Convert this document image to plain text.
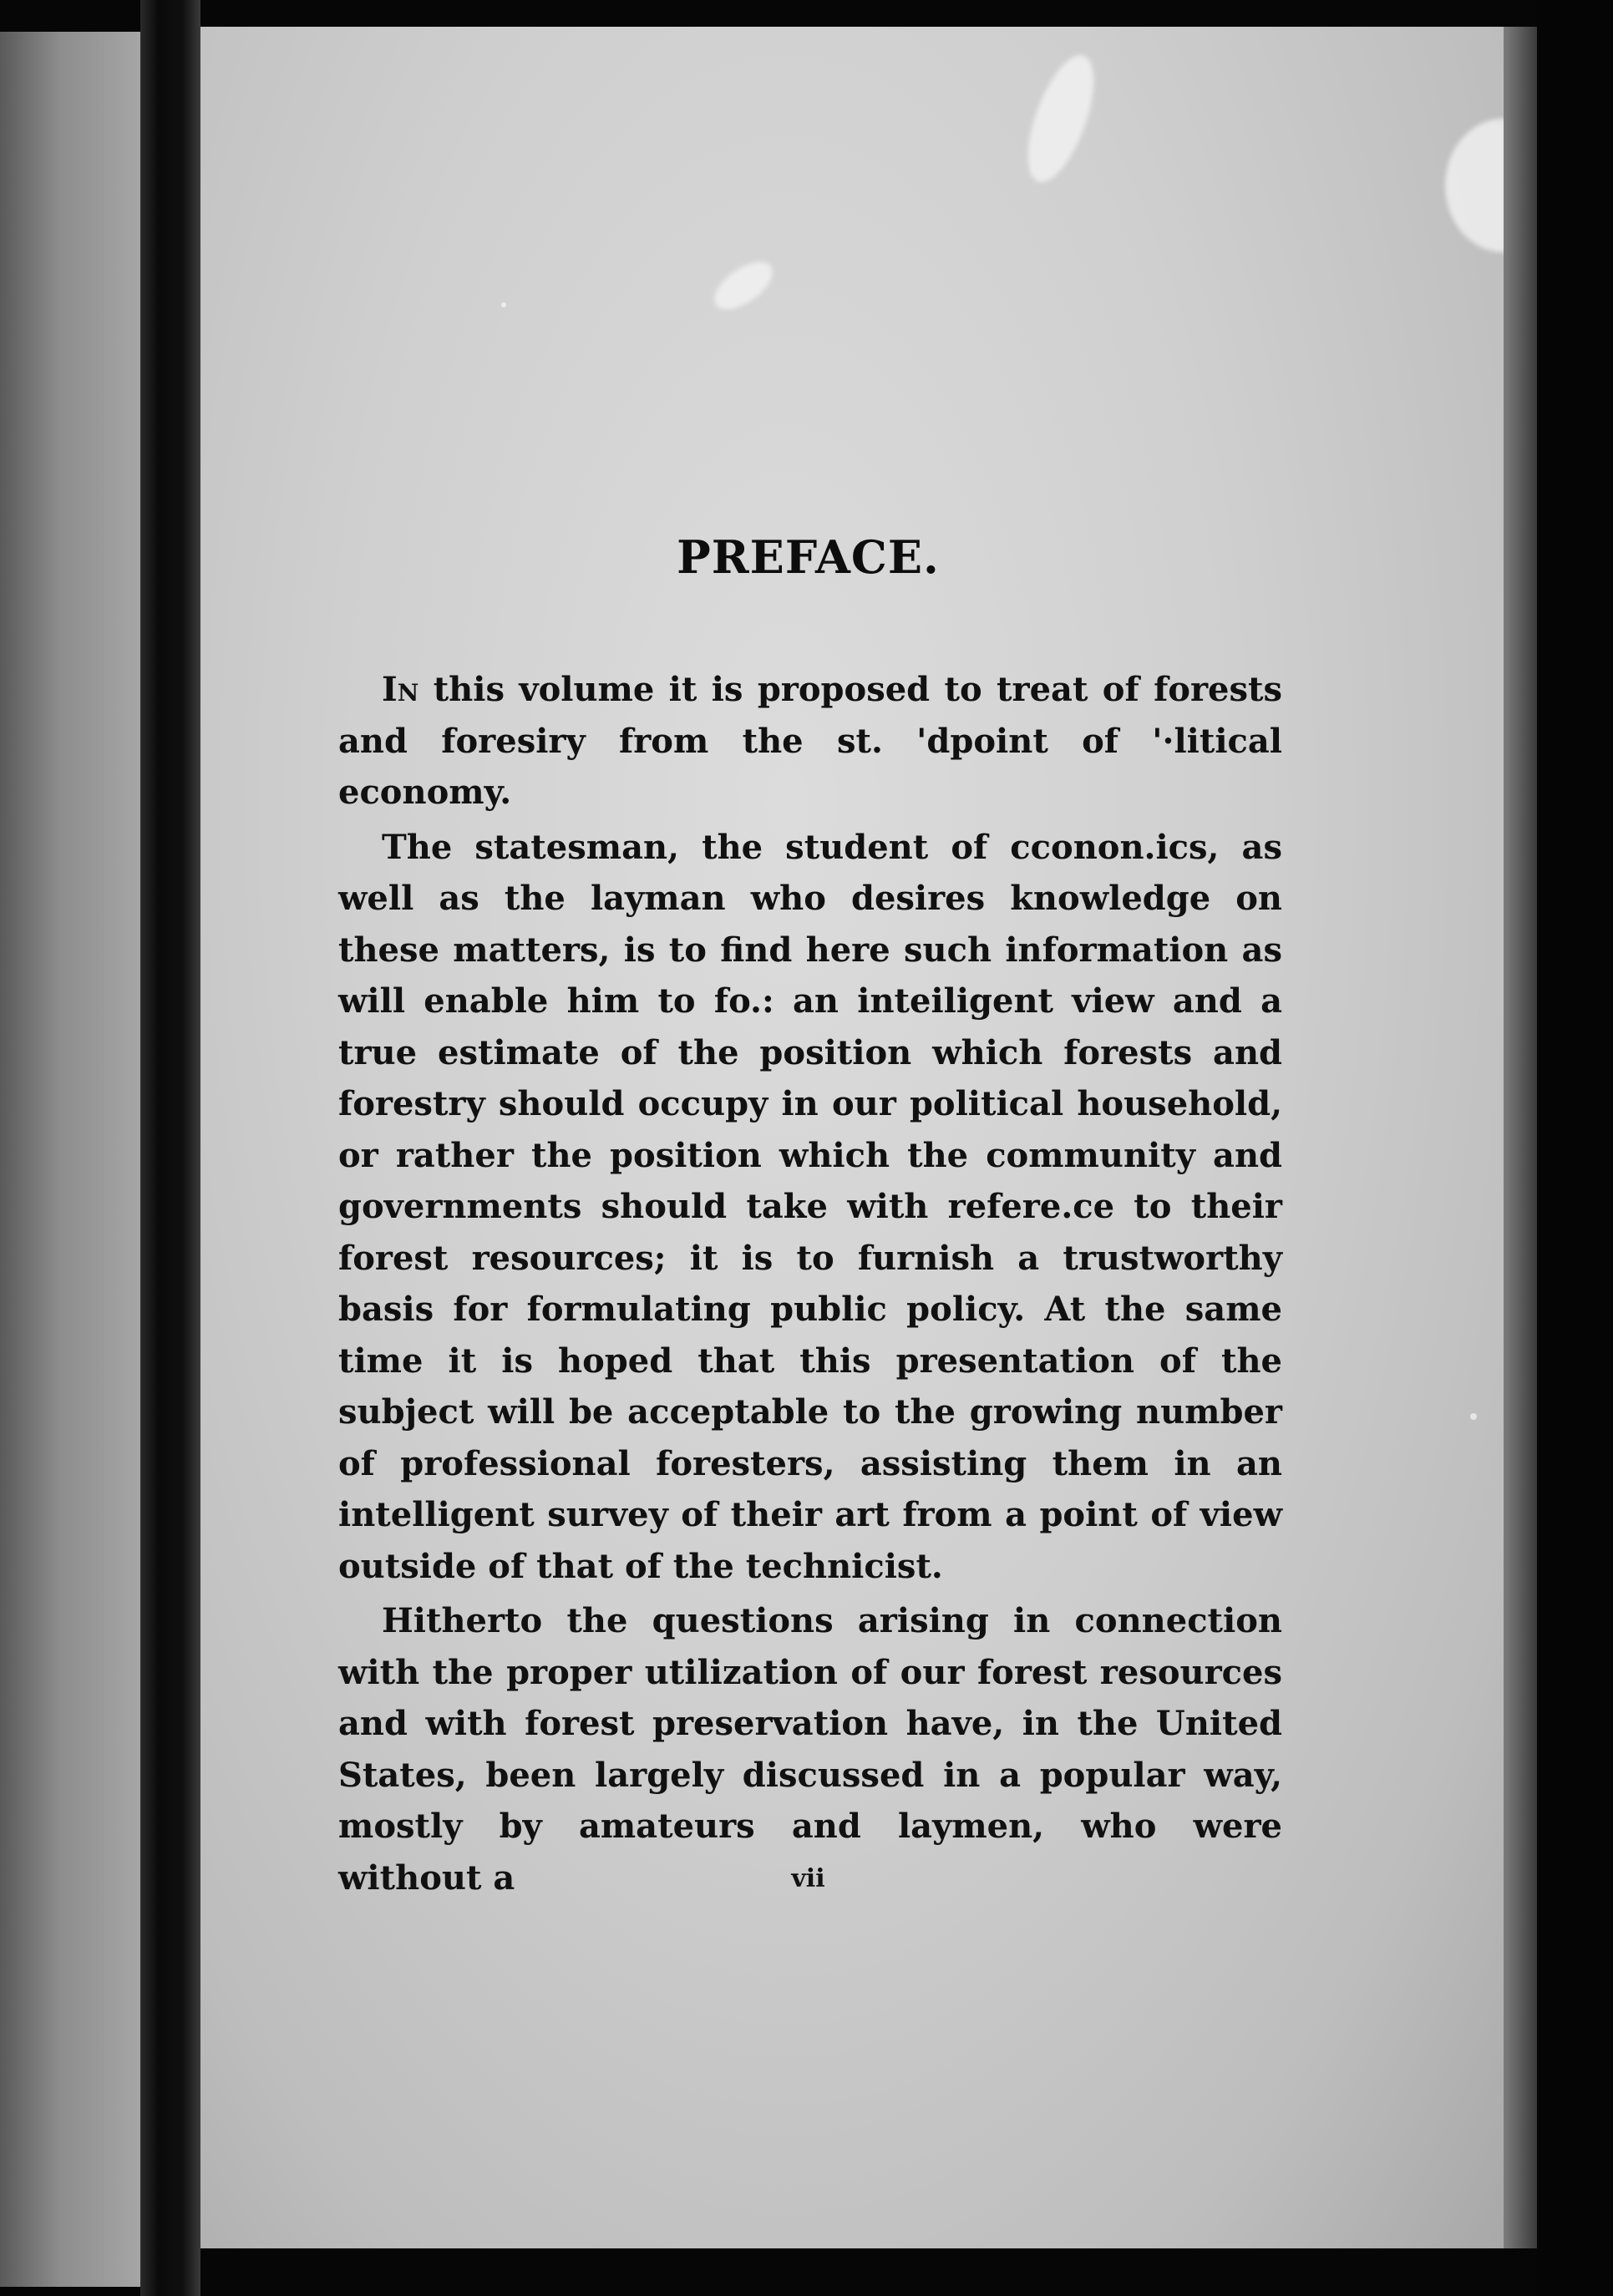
PREFACE.

In this volume it is proposed to treat of forests and foresiry from the st. 'dpoint of '·litical economy.

The statesman, the student of cconon.ics, as well as the layman who desires knowledge on these matters, is to find here such information as will enable him to fo.: an inteiligent view and a true estimate of the position which forests and forestry should occupy in our political household, or rather the position which the community and governments should take with refere.ce to their forest resources; it is to furnish a trustworthy basis for formulating public policy. At the same time it is hoped that this presentation of the subject will be acceptable to the growing number of professional foresters, assisting them in an intelligent survey of their art from a point of view outside of that of the technicist.

Hitherto the questions arising in connection with the proper utilization of our forest resources and with forest preservation have, in the United States, been largely discussed in a popular way, mostly by amateurs and laymen, who were without a	vii
